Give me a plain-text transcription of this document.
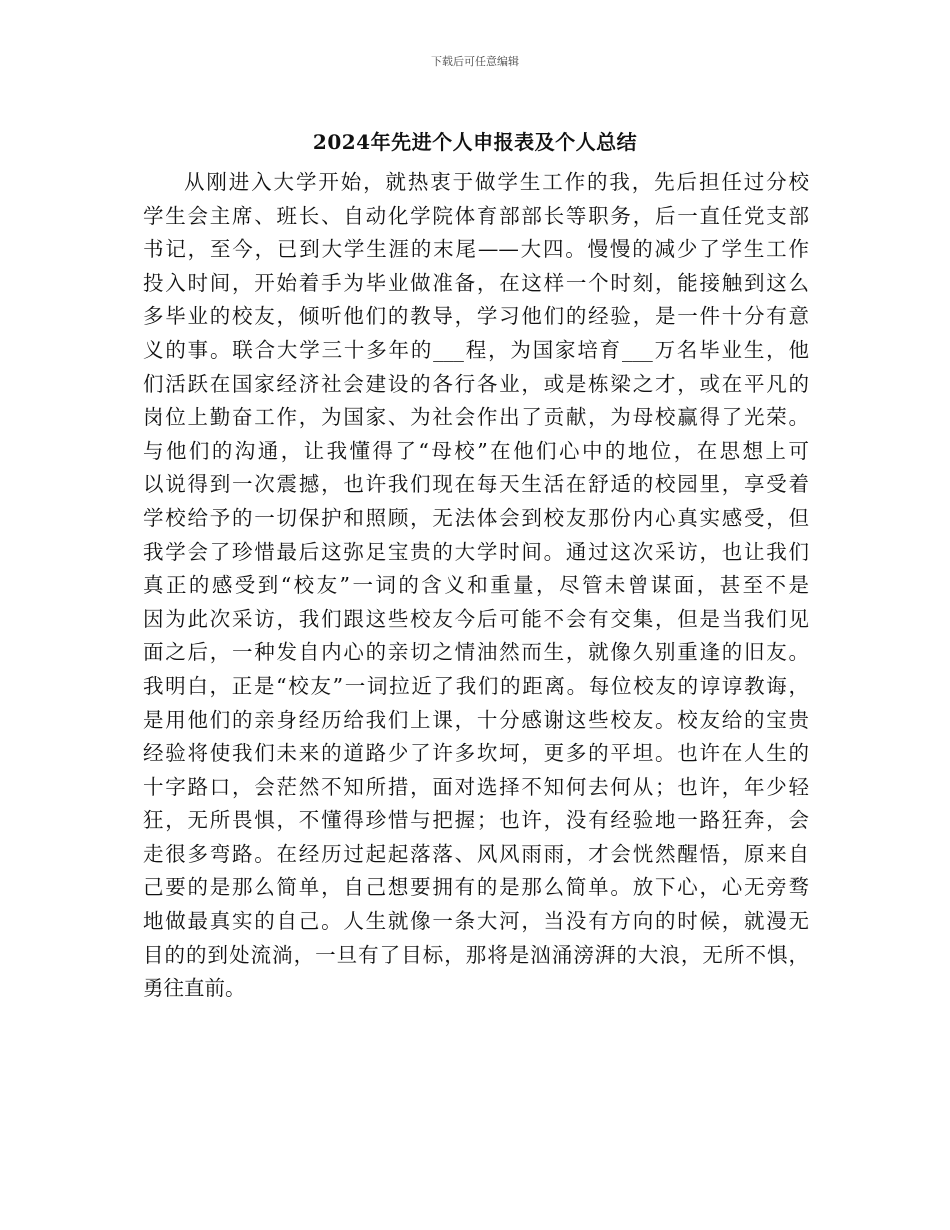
下载后可任意编辑
2024年先进个人申报表及个人总结
从刚进入大学开始，就热衷于做学生工作的我，先后担任过分校
学生会主席、班长、自动化学院体育部部长等职务，后一直任党支部
书记，至今，已到大学生涯的末尾——大四。慢慢的减少了学生工作
投入时间，开始着手为毕业做准备，在这样一个时刻，能接触到这么
多毕业的校友，倾听他们的教导，学习他们的经验，是一件十分有意
义的事。联合大学三十多年的___程，为国家培育___万名毕业生，他
们活跃在国家经济社会建设的各行各业，或是栋梁之才，或在平凡的
岗位上勤奋工作，为国家、为社会作出了贡献，为母校赢得了光荣。
与他们的沟通，让我懂得了“母校”在他们心中的地位，在思想上可
以说得到一次震撼，也许我们现在每天生活在舒适的校园里，享受着
学校给予的一切保护和照顾，无法体会到校友那份内心真实感受，但
我学会了珍惜最后这弥足宝贵的大学时间。通过这次采访，也让我们
真正的感受到“校友”一词的含义和重量，尽管未曾谋面，甚至不是
因为此次采访，我们跟这些校友今后可能不会有交集，但是当我们见
面之后，一种发自内心的亲切之情油然而生，就像久别重逢的旧友。
我明白，正是“校友”一词拉近了我们的距离。每位校友的谆谆教诲，
是用他们的亲身经历给我们上课，十分感谢这些校友。校友给的宝贵
经验将使我们未来的道路少了许多坎坷，更多的平坦。也许在人生的
十字路口，会茫然不知所措，面对选择不知何去何从；也许，年少轻
狂，无所畏惧，不懂得珍惜与把握；也许，没有经验地一路狂奔，会
走很多弯路。在经历过起起落落、风风雨雨，才会恍然醒悟，原来自
己要的是那么简单，自己想要拥有的是那么简单。放下心，心无旁骛
地做最真实的自己。人生就像一条大河，当没有方向的时候，就漫无
目的的到处流淌，一旦有了目标，那将是汹涌滂湃的大浪，无所不惧，
勇往直前。
